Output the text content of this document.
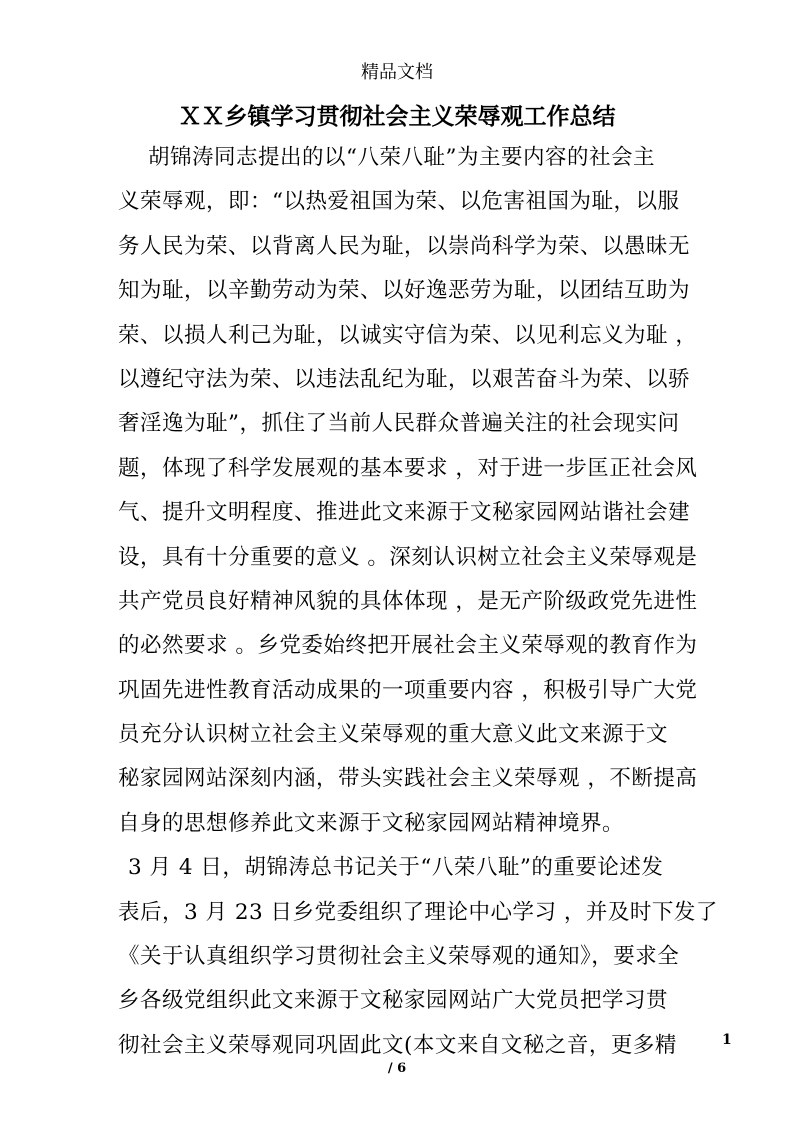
精品文档
ＸＸ乡镇学习贯彻社会主义荣辱观工作总结
胡锦涛同志提出的以“八荣八耻”为主要内容的社会主
义荣辱观，即：“以热爱祖国为荣、以危害祖国为耻，以服
务人民为荣、以背离人民为耻，以崇尚科学为荣、以愚昧无
知为耻，以辛勤劳动为荣、以好逸恶劳为耻，以团结互助为
荣、以损人利己为耻，以诚实守信为荣、以见利忘义为耻 ，
以遵纪守法为荣、以违法乱纪为耻，以艰苦奋斗为荣、以骄
奢淫逸为耻”，抓住了当前人民群众普遍关注的社会现实问
题，体现了科学发展观的基本要求 ，对于进一步匡正社会风
气、提升文明程度、推进此文来源于文秘家园网站谐社会建
设，具有十分重要的意义 。深刻认识树立社会主义荣辱观是
共产党员良好精神风貌的具体体现 ，是无产阶级政党先进性
的必然要求 。乡党委始终把开展社会主义荣辱观的教育作为
巩固先进性教育活动成果的一项重要内容 ，积极引导广大党
员充分认识树立社会主义荣辱观的重大意义此文来源于文
秘家园网站深刻内涵，带头实践社会主义荣辱观 ，不断提高
自身的思想修养此文来源于文秘家园网站精神境界。
3 月 4 日，胡锦涛总书记关于“八荣八耻”的重要论述发
表后，3 月 23 日乡党委组织了理论中心学习 ，并及时下发了
《关于认真组织学习贯彻社会主义荣辱观的通知》，要求全
乡各级党组织此文来源于文秘家园网站广大党员把学习贯
彻社会主义荣辱观同巩固此文(本文来自文秘之音，更多精	1
/ 6
